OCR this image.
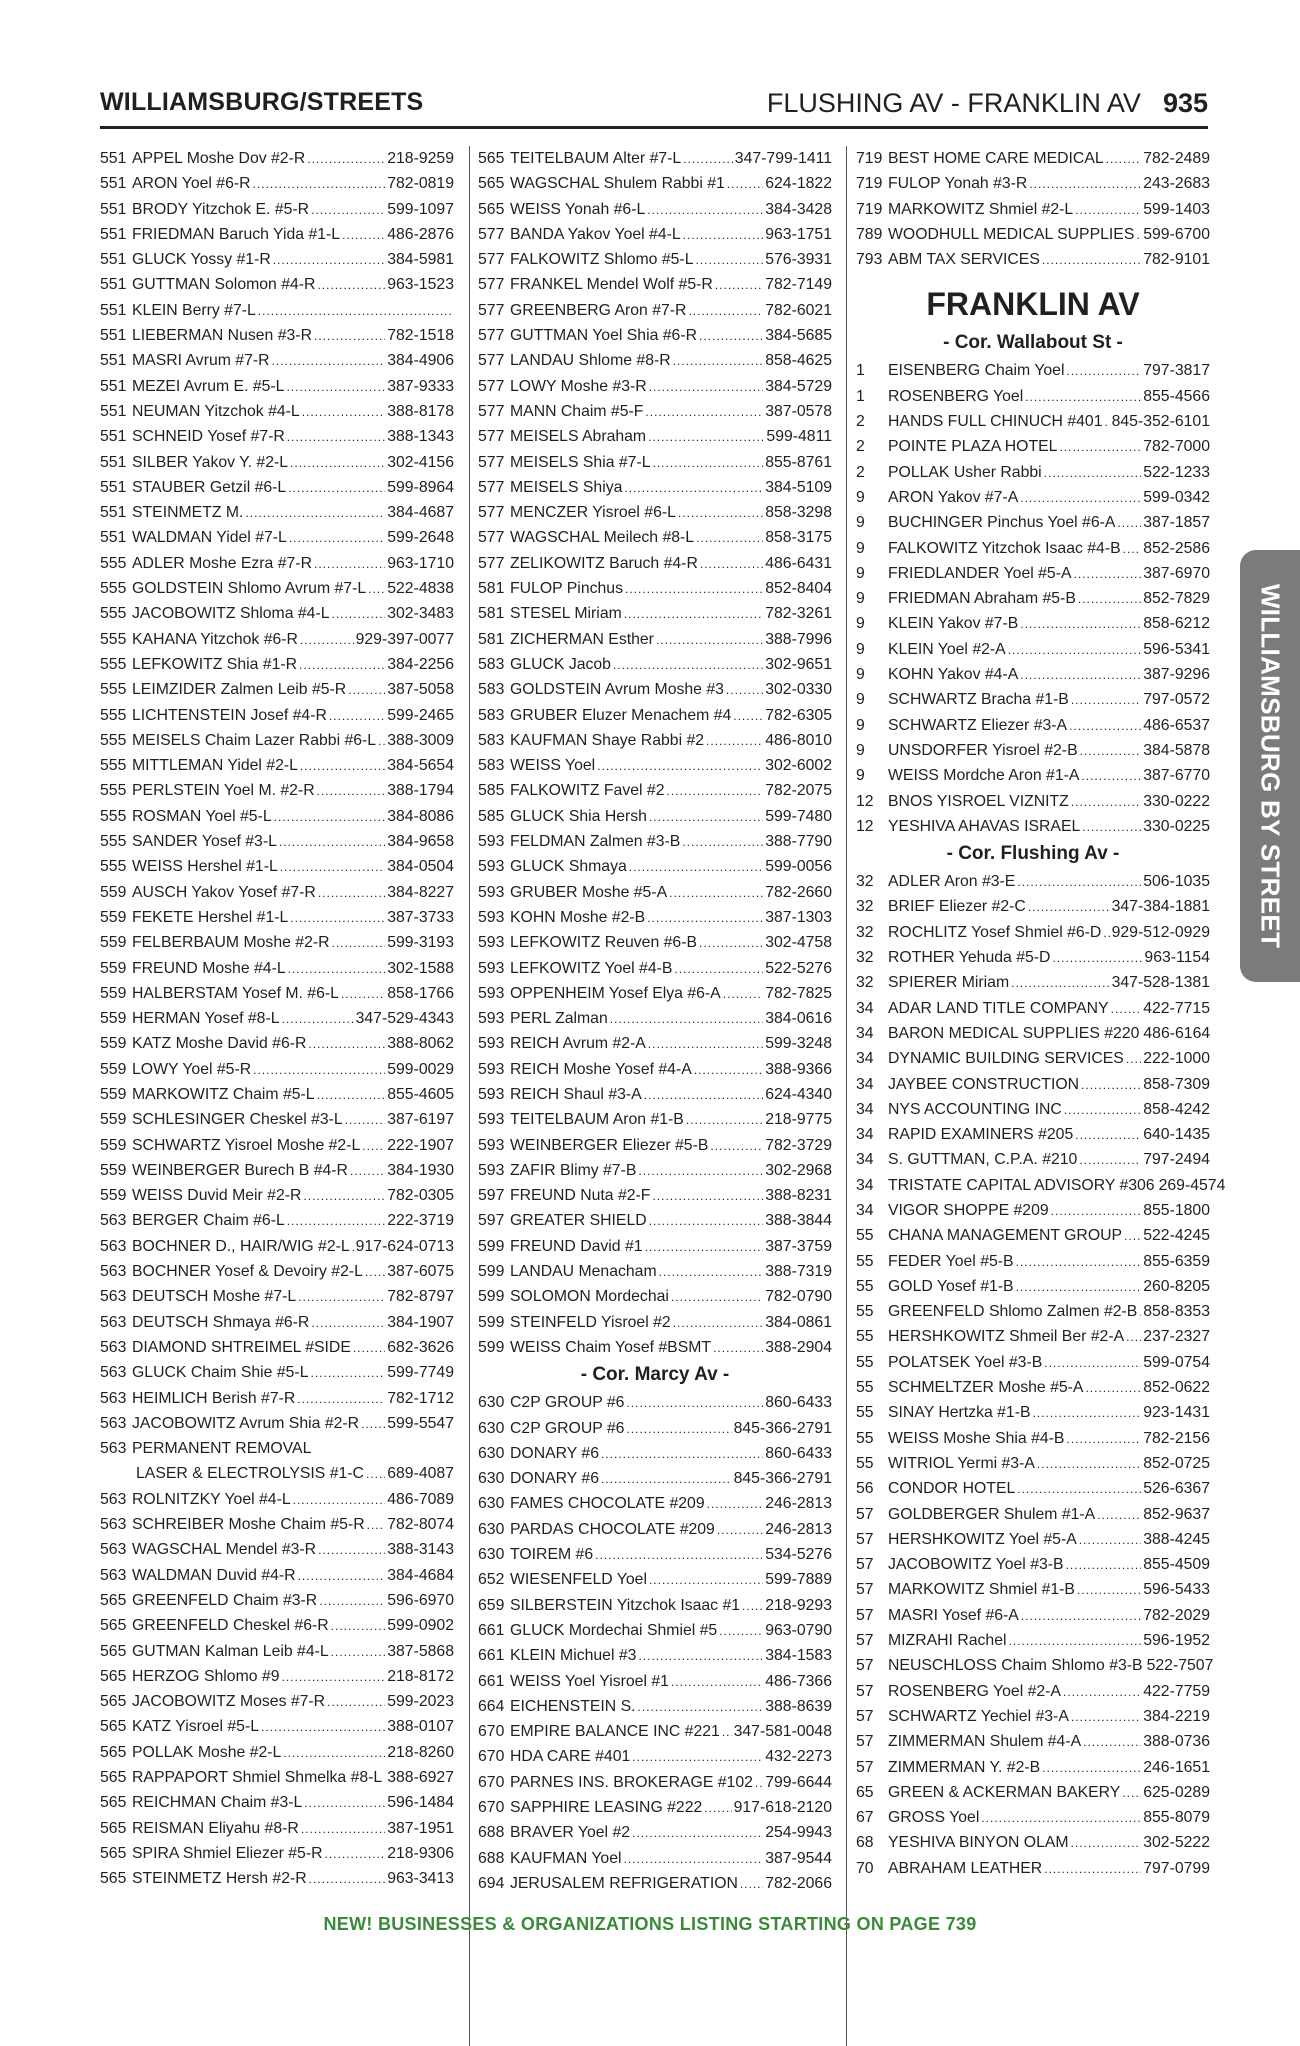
WILLIAMSBURG/STREETS	FLUSHING AV - FRANKLIN AV 935
551 APPEL Moshe Dov #2-R .....	218-9259
551 ARON Yoel #6-R .....	782-0819
551 BRODY Yitzchok E. #5-R .....	599-1097
551 FRIEDMAN Baruch Yida #1-L .....	486-2876
551 GLUCK Yossy #1-R .....	384-5981
551 GUTTMAN Solomon #4-R .....	963-1523
551 KLEIN Berry #7-L
.....
551 LIEBERMAN Nusen #3-R .....	782-1518
551 MASRI Avrum #7-R .....	384-4906
551 MEZEI Avrum E. #5-L .....	387-9333
551 NEUMAN Yitzchok #4-L .....	388-8178
551 SCHNEID Yosef #7-R .....	388-1343
551 SILBER Yakov Y. #2-L .....	302-4156
551 STAUBER Getzil #6-L .....	599-8964
551 STEINMETZ M. .....	384-4687
551 WALDMAN Yidel #7-L .....	599-2648
555 ADLER Moshe Ezra #7-R .....	963-1710
555 GOLDSTEIN Shlomo Avrum #7-L ..... 522-4838
555 JACOBOWITZ Shloma #4-L .....	302-3483
555 KAHANA Yitzchok #6-R .....	929-397-0077
555 LEFKOWITZ Shia #1-R .....	384-2256
555 LEIMZIDER Zalmen Leib #5-R .....	387-5058
555 LICHTENSTEIN Josef #4-R .....	599-2465
555 MEISELS Chaim Lazer Rabbi #6-L ..... 388-3009
555 MITTLEMAN Yidel #2-L .....	384-5654
555 PERLSTEIN Yoel M. #2-R .....	388-1794
555 ROSMAN Yoel #5-L .....	384-8086
555 SANDER Yosef #3-L .....	384-9658
555 WEISS Hershel #1-L .....	384-0504
559 AUSCH Yakov Yosef #7-R .....	384-8227
559 FEKETE Hershel #1-L .....	387-3733
559 FELBERBAUM Moshe #2-R .....	599-3193
559 FREUND Moshe #4-L .....	302-1588
559 HALBERSTAM Yosef M. #6-L .....	858-1766
559 HERMAN Yosef #8-L .....	347-529-4343
559 KATZ Moshe David #6-R .....	388-8062
559 LOWY Yoel #5-R .....	599-0029
559 MARKOWITZ Chaim #5-L .....	855-4605
559 SCHLESINGER Cheskel #3-L .....	387-6197
559 SCHWARTZ Yisroel Moshe #2-L ..... 222-1907
559 WEINBERGER Burech B #4-R ..... 384-1930
559 WEISS Duvid Meir #2-R .....	782-0305
563 BERGER Chaim #6-L .....	222-3719
563 BOCHNER D., HAIR/WIG #2-L ..... 917-624-0713
563 BOCHNER Yosef & Devoiry #2-L ..... 387-6075
563 DEUTSCH Moshe #7-L .....	782-8797
563 DEUTSCH Shmaya #6-R .....	384-1907
563 DIAMOND SHTREIMEL #SIDE ..... 682-3626
563 GLUCK Chaim Shie #5-L .....	599-7749
563 HEIMLICH Berish #7-R .....	782-1712
563 JACOBOWITZ Avrum Shia #2-R ..... 599-5547
563 PERMANENT REMOVAL
LASER & ELECTROLYSIS #1-C ..... 689-4087
563 ROLNITZKY Yoel #4-L .....	486-7089
563 SCHREIBER Moshe Chaim #5-R ..... 782-8074
563 WAGSCHAL Mendel #3-R .....	388-3143
563 WALDMAN Duvid #4-R .....	384-4684
565 GREENFELD Chaim #3-R .....	596-6970
565 GREENFELD Cheskel #6-R .....	599-0902
565 GUTMAN Kalman Leib #4-L .....	387-5868
565 HERZOG Shlomo #9 .....	218-8172
565 JACOBOWITZ Moses #7-R .....	599-2023
565 KATZ Yisroel #5-L .....	388-0107
565 POLLAK Moshe #2-L .....	218-8260
565 RAPPAPORT Shmiel Shmelka #8-L ..... 388-6927
565 REICHMAN Chaim #3-L .....	596-1484
565 REISMAN Eliyahu #8-R .....	387-1951
565 SPIRA Shmiel Eliezer #5-R .....	218-9306
565 STEINMETZ Hersh #2-R .....	963-3413
565 TEITELBAUM Alter #7-L .....	347-799-1411
565 WAGSCHAL Shulem Rabbi #1 .....	624-1822
565 WEISS Yonah #6-L .....	384-3428
577 BANDA Yakov Yoel #4-L .....	963-1751
577 FALKOWITZ Shlomo #5-L .....	576-3931
577 FRANKEL Mendel Wolf #5-R .....	782-7149
577 GREENBERG Aron #7-R .....	782-6021
577 GUTTMAN Yoel Shia #6-R .....	384-5685
577 LANDAU Shlome #8-R .....	858-4625
577 LOWY Moshe #3-R .....	384-5729
577 MANN Chaim #5-F .....	387-0578
577 MEISELS Abraham .....	599-4811
577 MEISELS Shia #7-L .....	855-8761
577 MEISELS Shiya .....	384-5109
577 MENCZER Yisroel #6-L .....	858-3298
577 WAGSCHAL Meilech #8-L .....	858-3175
577 ZELIKOWITZ Baruch #4-R .....	486-6431
581 FULOP Pinchus .....	852-8404
581 STESEL Miriam .....	782-3261
581 ZICHERMAN Esther .....	388-7996
583 GLUCK Jacob .....	302-9651
583 GOLDSTEIN Avrum Moshe #3 .....	302-0330
583 GRUBER Eluzer Menachem #4 ..... 782-6305
583 KAUFMAN Shaye Rabbi #2 .....	486-8010
583 WEISS Yoel .....	302-6002
585 FALKOWITZ Favel #2 .....	782-2075
585 GLUCK Shia Hersh .....	599-7480
593 FELDMAN Zalmen #3-B .....	388-7790
593 GLUCK Shmaya .....	599-0056
593 GRUBER Moshe #5-A .....	782-2660
593 KOHN Moshe #2-B .....	387-1303
593 LEFKOWITZ Reuven #6-B .....	302-4758
593 LEFKOWITZ Yoel #4-B .....	522-5276
593 OPPENHEIM Yosef Elya #6-A .....	782-7825
593 PERL Zalman .....	384-0616
593 REICH Avrum #2-A .....	599-3248
593 REICH Moshe Yosef #4-A .....	388-9366
593 REICH Shaul #3-A .....	624-4340
593 TEITELBAUM Aron #1-B .....	218-9775
593 WEINBERGER Eliezer #5-B .....	782-3729
593 ZAFIR Blimy #7-B .....	302-2968
597 FREUND Nuta #2-F .....	388-8231
597 GREATER SHIELD .....	388-3844
599 FREUND David #1 .....	387-3759
599 LANDAU Menacham .....	388-7319
599 SOLOMON Mordechai .....	782-0790
599 STEINFELD Yisroel #2 .....	384-0861
599 WEISS Chaim Yosef #BSMT .....	388-2904
- Cor. Marcy Av -
630 C2P GROUP #6 .....	860-6433
630 C2P GROUP #6 .....	845-366-2791
630 DONARY #6 .....	860-6433
630 DONARY #6 .....	845-366-2791
630 FAMES CHOCOLATE #209 .....	246-2813
630 PARDAS CHOCOLATE #209 .....	246-2813
630 TOIREM #6 .....	534-5276
652 WIESENFELD Yoel .....	599-7889
659 SILBERSTEIN Yitzchok Isaac #1 ..... 218-9293
661 GLUCK Mordechai Shmiel #5 .....	963-0790
661 KLEIN Michuel #3 .....	384-1583
661 WEISS Yoel Yisroel #1 .....	486-7366
664 EICHENSTEIN S. .....	388-8639
670 EMPIRE BALANCE INC #221 ..... 347-581-0048
670 HDA CARE #401 .....	432-2273
670 PARNES INS. BROKERAGE #102 ..... 799-6644
670 SAPPHIRE LEASING #222 ..... 917-618-2120
688 BRAVER Yoel #2 .....	254-9943
688 KAUFMAN Yoel .....	387-9544
694 JERUSALEM REFRIGERATION ..... 782-2066
719 BEST HOME CARE MEDICAL .....	782-2489
719 FULOP Yonah #3-R .....	243-2683
719 MARKOWITZ Shmiel #2-L .....	599-1403
789 WOODHULL MEDICAL SUPPLIES ..... 599-6700
793 ABM TAX SERVICES .....	782-9101
FRANKLIN AV
- Cor. Wallabout St -
1	EISENBERG Chaim Yoel .....	797-3817
1	ROSENBERG Yoel .....	855-4566
2	HANDS FULL CHINUCH #401 ..... 845-352-6101
2	POINTE PLAZA HOTEL .....	782-7000
2	POLLAK Usher Rabbi .....	522-1233
9	ARON Yakov #7-A .....	599-0342
9	BUCHINGER Pinchus Yoel #6-A ..... 387-1857
9	FALKOWITZ Yitzchok Isaac #4-B ..... 852-2586
9	FRIEDLANDER Yoel #5-A .....	387-6970
9	FRIEDMAN Abraham #5-B .....	852-7829
9	KLEIN Yakov #7-B .....	858-6212
9	KLEIN Yoel #2-A .....	596-5341
9	KOHN Yakov #4-A .....	387-9296
9	SCHWARTZ Bracha #1-B .....	797-0572
9	SCHWARTZ Eliezer #3-A .....	486-6537
9	UNSDORFER Yisroel #2-B .....	384-5878
9	WEISS Mordche Aron #1-A .....	387-6770
12 BNOS YISROEL VIZNITZ .....	330-0222
12 YESHIVA AHAVAS ISRAEL .....	330-0225
- Cor. Flushing Av -
32 ADLER Aron #3-E .....	506-1035
32 BRIEF Eliezer #2-C .....	347-384-1881
32 ROCHLITZ Yosef Shmiel #6-D ..... 929-512-0929
32 ROTHER Yehuda #5-D .....	963-1154
32 SPIERER Miriam .....	347-528-1381
34 ADAR LAND TITLE COMPANY ..... 422-7715
34 BARON MEDICAL SUPPLIES #220 486-6164
34 DYNAMIC BUILDING SERVICES ..... 222-1000
34 JAYBEE CONSTRUCTION .....	858-7309
34 NYS ACCOUNTING INC .....	858-4242
34 RAPID EXAMINERS #205 .....	640-1435
34 S. GUTTMAN, C.P.A. #210 .....	797-2494
34 TRISTATE CAPITAL ADVISORY #306 269-4574
34 VIGOR SHOPPE #209 .....	855-1800
55 CHANA MANAGEMENT GROUP ..... 522-4245
55 FEDER Yoel #5-B .....	855-6359
55 GOLD Yosef #1-B .....	260-8205
55 GREENFELD Shlomo Zalmen #2-B ..... 858-8353
55 HERSHKOWITZ Shmeil Ber #2-A ..... 237-2327
55 POLATSEK Yoel #3-B .....	599-0754
55 SCHMELTZER Moshe #5-A .....	852-0622
55 SINAY Hertzka #1-B .....	923-1431
55 WEISS Moshe Shia #4-B .....	782-2156
55 WITRIOL Yermi #3-A .....	852-0725
56 CONDOR HOTEL .....	526-6367
57 GOLDBERGER Shulem #1-A .....	852-9637
57 HERSHKOWITZ Yoel #5-A .....	388-4245
57 JACOBOWITZ Yoel #3-B .....	855-4509
57 MARKOWITZ Shmiel #1-B .....	596-5433
57 MASRI Yosef #6-A .....	782-2029
57 MIZRAHI Rachel .....	596-1952
57 NEUSCHLOSS Chaim Shlomo #3-B 522-7507
57 ROSENBERG Yoel #2-A .....	422-7759
57 SCHWARTZ Yechiel #3-A .....	384-2219
57 ZIMMERMAN Shulem #4-A .....	388-0736
57 ZIMMERMAN Y. #2-B .....	246-1651
65 GREEN & ACKERMAN BAKERY ..... 625-0289
67 GROSS Yoel .....	855-8079
68 YESHIVA BINYON OLAM .....	302-5222
70 ABRAHAM LEATHER .....	797-0799
WILLIAMSBURG BY STREET
NEW! BUSINESSES & ORGANIZATIONS LISTING STARTING ON PAGE 739
